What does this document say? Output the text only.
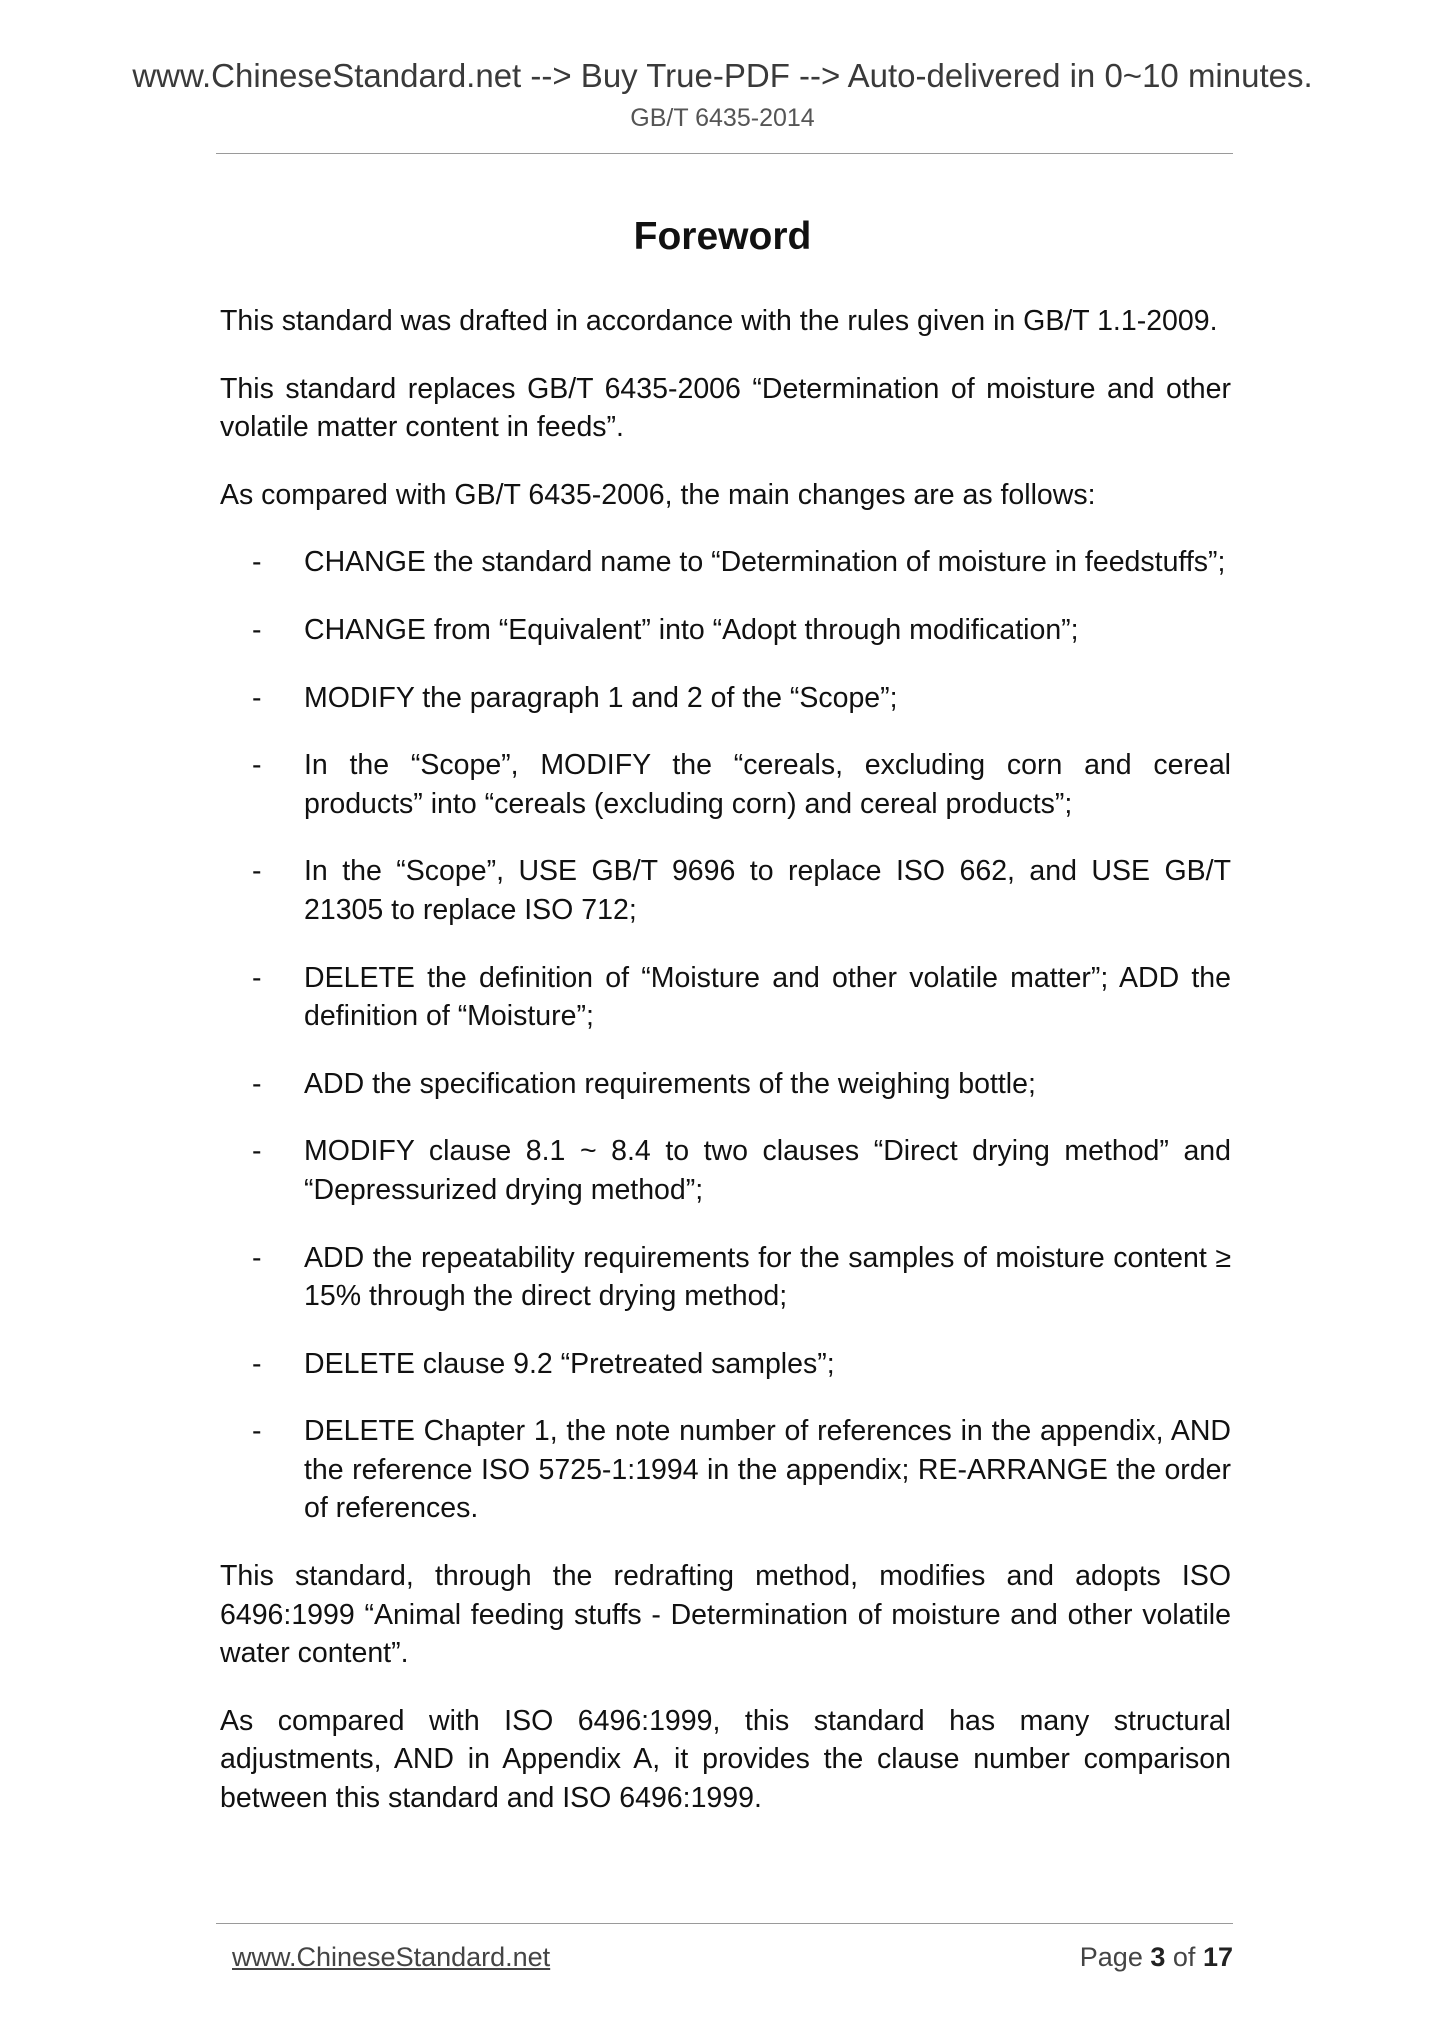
www.ChineseStandard.net --> Buy True-PDF --> Auto-delivered in 0~10 minutes.
GB/T 6435-2014
Foreword

This standard was drafted in accordance with the rules given in GB/T 1.1-2009.

This standard replaces GB/T 6435-2006 “Determination of moisture and other volatile matter content in feeds”.

As compared with GB/T 6435-2006, the main changes are as follows:

- CHANGE the standard name to “Determination of moisture in feedstuffs”;
- CHANGE from “Equivalent” into “Adopt through modification”;
- MODIFY the paragraph 1 and 2 of the “Scope”;
- In the “Scope”, MODIFY the “cereals, excluding corn and cereal products” into “cereals (excluding corn) and cereal products”;
- In the “Scope”, USE GB/T 9696 to replace ISO 662, and USE GB/T 21305 to replace ISO 712;
- DELETE the definition of “Moisture and other volatile matter”; ADD the definition of “Moisture”;
- ADD the specification requirements of the weighing bottle;
- MODIFY clause 8.1 ~ 8.4 to two clauses “Direct drying method” and “Depressurized drying method”;
- ADD the repeatability requirements for the samples of moisture content ≥ 15% through the direct drying method;
- DELETE clause 9.2 “Pretreated samples”;
- DELETE Chapter 1, the note number of references in the appendix, AND the reference ISO 5725-1:1994 in the appendix; RE-ARRANGE the order of references.

This standard, through the redrafting method, modifies and adopts ISO 6496:1999 “Animal feeding stuffs - Determination of moisture and other volatile water content”.

As compared with ISO 6496:1999, this standard has many structural adjustments, AND in Appendix A, it provides the clause number comparison between this standard and ISO 6496:1999.

www.ChineseStandard.net	Page 3 of 17
